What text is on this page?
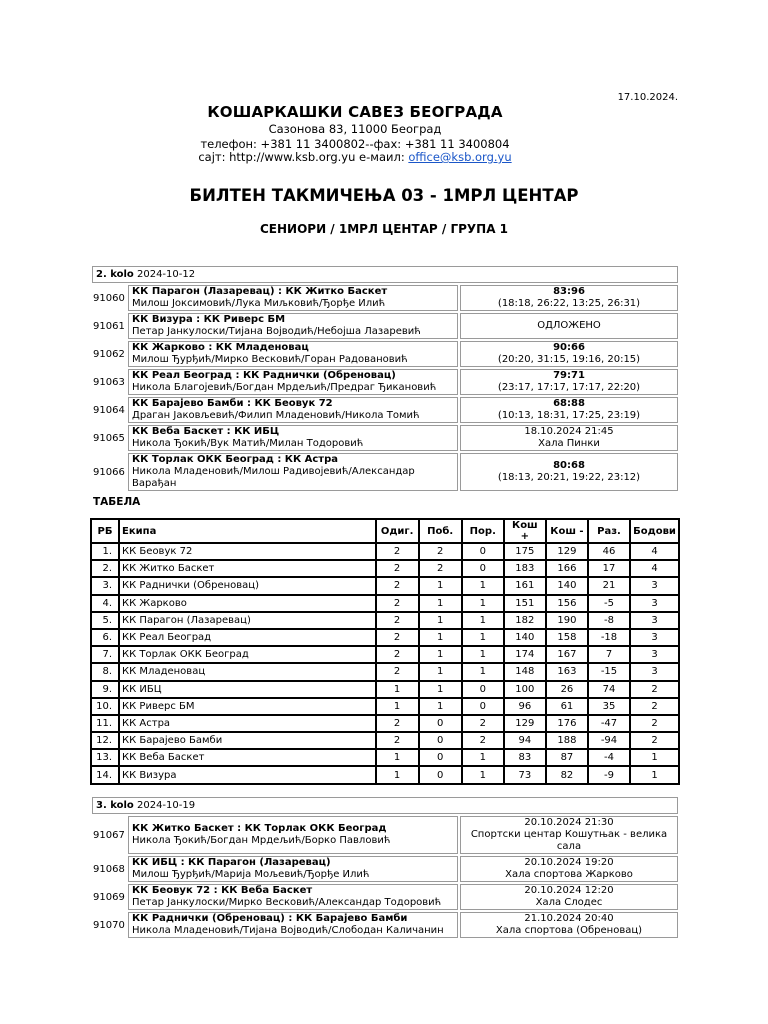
17.10.2024.
КОШАРКАШКИ САВЕЗ БЕОГРАДА
Сазонова 83, 11000 Београд
телефон: +381 11 3400802--фах: +381 11 3400804
сајт: http://www.ksb.org.yu е-маил: office@ksb.org.yu
БИЛТЕН ТАКМИЧЕЊА 03 - 1МРЛ ЦЕНТАР
СЕНИОРИ / 1МРЛ ЦЕНТАР / ГРУПА 1
2. kolo 2024-10-12		
91060	КК Парагон (Лазаревац) : КК Житко Баскет
Милош Јоксимовић/Лука Миљковић/Ђорђе Илић	83:96
(18:18, 26:22, 13:25, 26:31)
91061	КК Визура : КК Риверс БМ
Петар Јанкулоски/Тијана Војводић/Небојша Лазаревић	ОДЛОЖЕНО
91062	КК Жарково : КК Младеновац
Милош Ђурђић/Мирко Весковић/Горан Радовановић	90:66
(20:20, 31:15, 19:16, 20:15)
91063	КК Реал Београд : КК Раднички (Обреновац)
Никола Благојевић/Богдан Мрдељић/Предраг Ђикановић	79:71
(23:17, 17:17, 17:17, 22:20)
91064	КК Барајево Бамби : КК Беовук 72
Драган Јаковљевић/Филип Младеновић/Никола Томић	68:88
(10:13, 18:31, 17:25, 23:19)
91065	КК Веба Баскет : КК ИБЦ
Никола Ђокић/Вук Матић/Милан Тодоровић	18.10.2024 21:45
Хала Пинки
91066	КК Торлак ОКК Београд : КК Астра
Никола Младеновић/Милош Радивојевић/Александар Варађан	80:68
(18:13, 20:21, 19:22, 23:12)
ТАБЕЛА
РБ	Екипа	Одиг.	Поб.	Пор.	Кош +	Кош -	Раз.	Бодови
1.	КК Беовук 72	2	2	0	175	129	46	4
2.	КК Житко Баскет	2	2	0	183	166	17	4
3.	КК Раднички (Обреновац)	2	1	1	161	140	21	3
4.	КК Жарково	2	1	1	151	156	-5	3
5.	КК Парагон (Лазаревац)	2	1	1	182	190	-8	3
6.	КК Реал Београд	2	1	1	140	158	-18	3
7.	КК Торлак ОКК Београд	2	1	1	174	167	7	3
8.	КК Младеновац	2	1	1	148	163	-15	3
9.	КК ИБЦ	1	1	0	100	26	74	2
10.	КК Риверс БМ	1	1	0	96	61	35	2
11.	КК Астра	2	0	2	129	176	-47	2
12.	КК Барајево Бамби	2	0	2	94	188	-94	2
13.	КК Веба Баскет	1	0	1	83	87	-4	1
14.	КК Визура	1	0	1	73	82	-9	1
3. kolo 2024-10-19		
91067	КК Житко Баскет : КК Торлак ОКК Београд
Никола Ђокић/Богдан Мрдељић/Борко Павловић	20.10.2024 21:30
Спортски центар Кошутњак - велика сала
91068	КК ИБЦ : КК Парагон (Лазаревац)
Милош Ђурђић/Марија Мољевић/Ђорђе Илић	20.10.2024 19:20
Хала спортова Жарково
91069	КК Беовук 72 : КК Веба Баскет
Петар Јанкулоски/Мирко Весковић/Александар Тодоровић	20.10.2024 12:20
Хала Слодес
91070	КК Раднички (Обреновац) : КК Барајево Бамби
Никола Младеновић/Тијана Војводић/Слободан Каличанин	21.10.2024 20:40
Хала спортова (Обреновац)
